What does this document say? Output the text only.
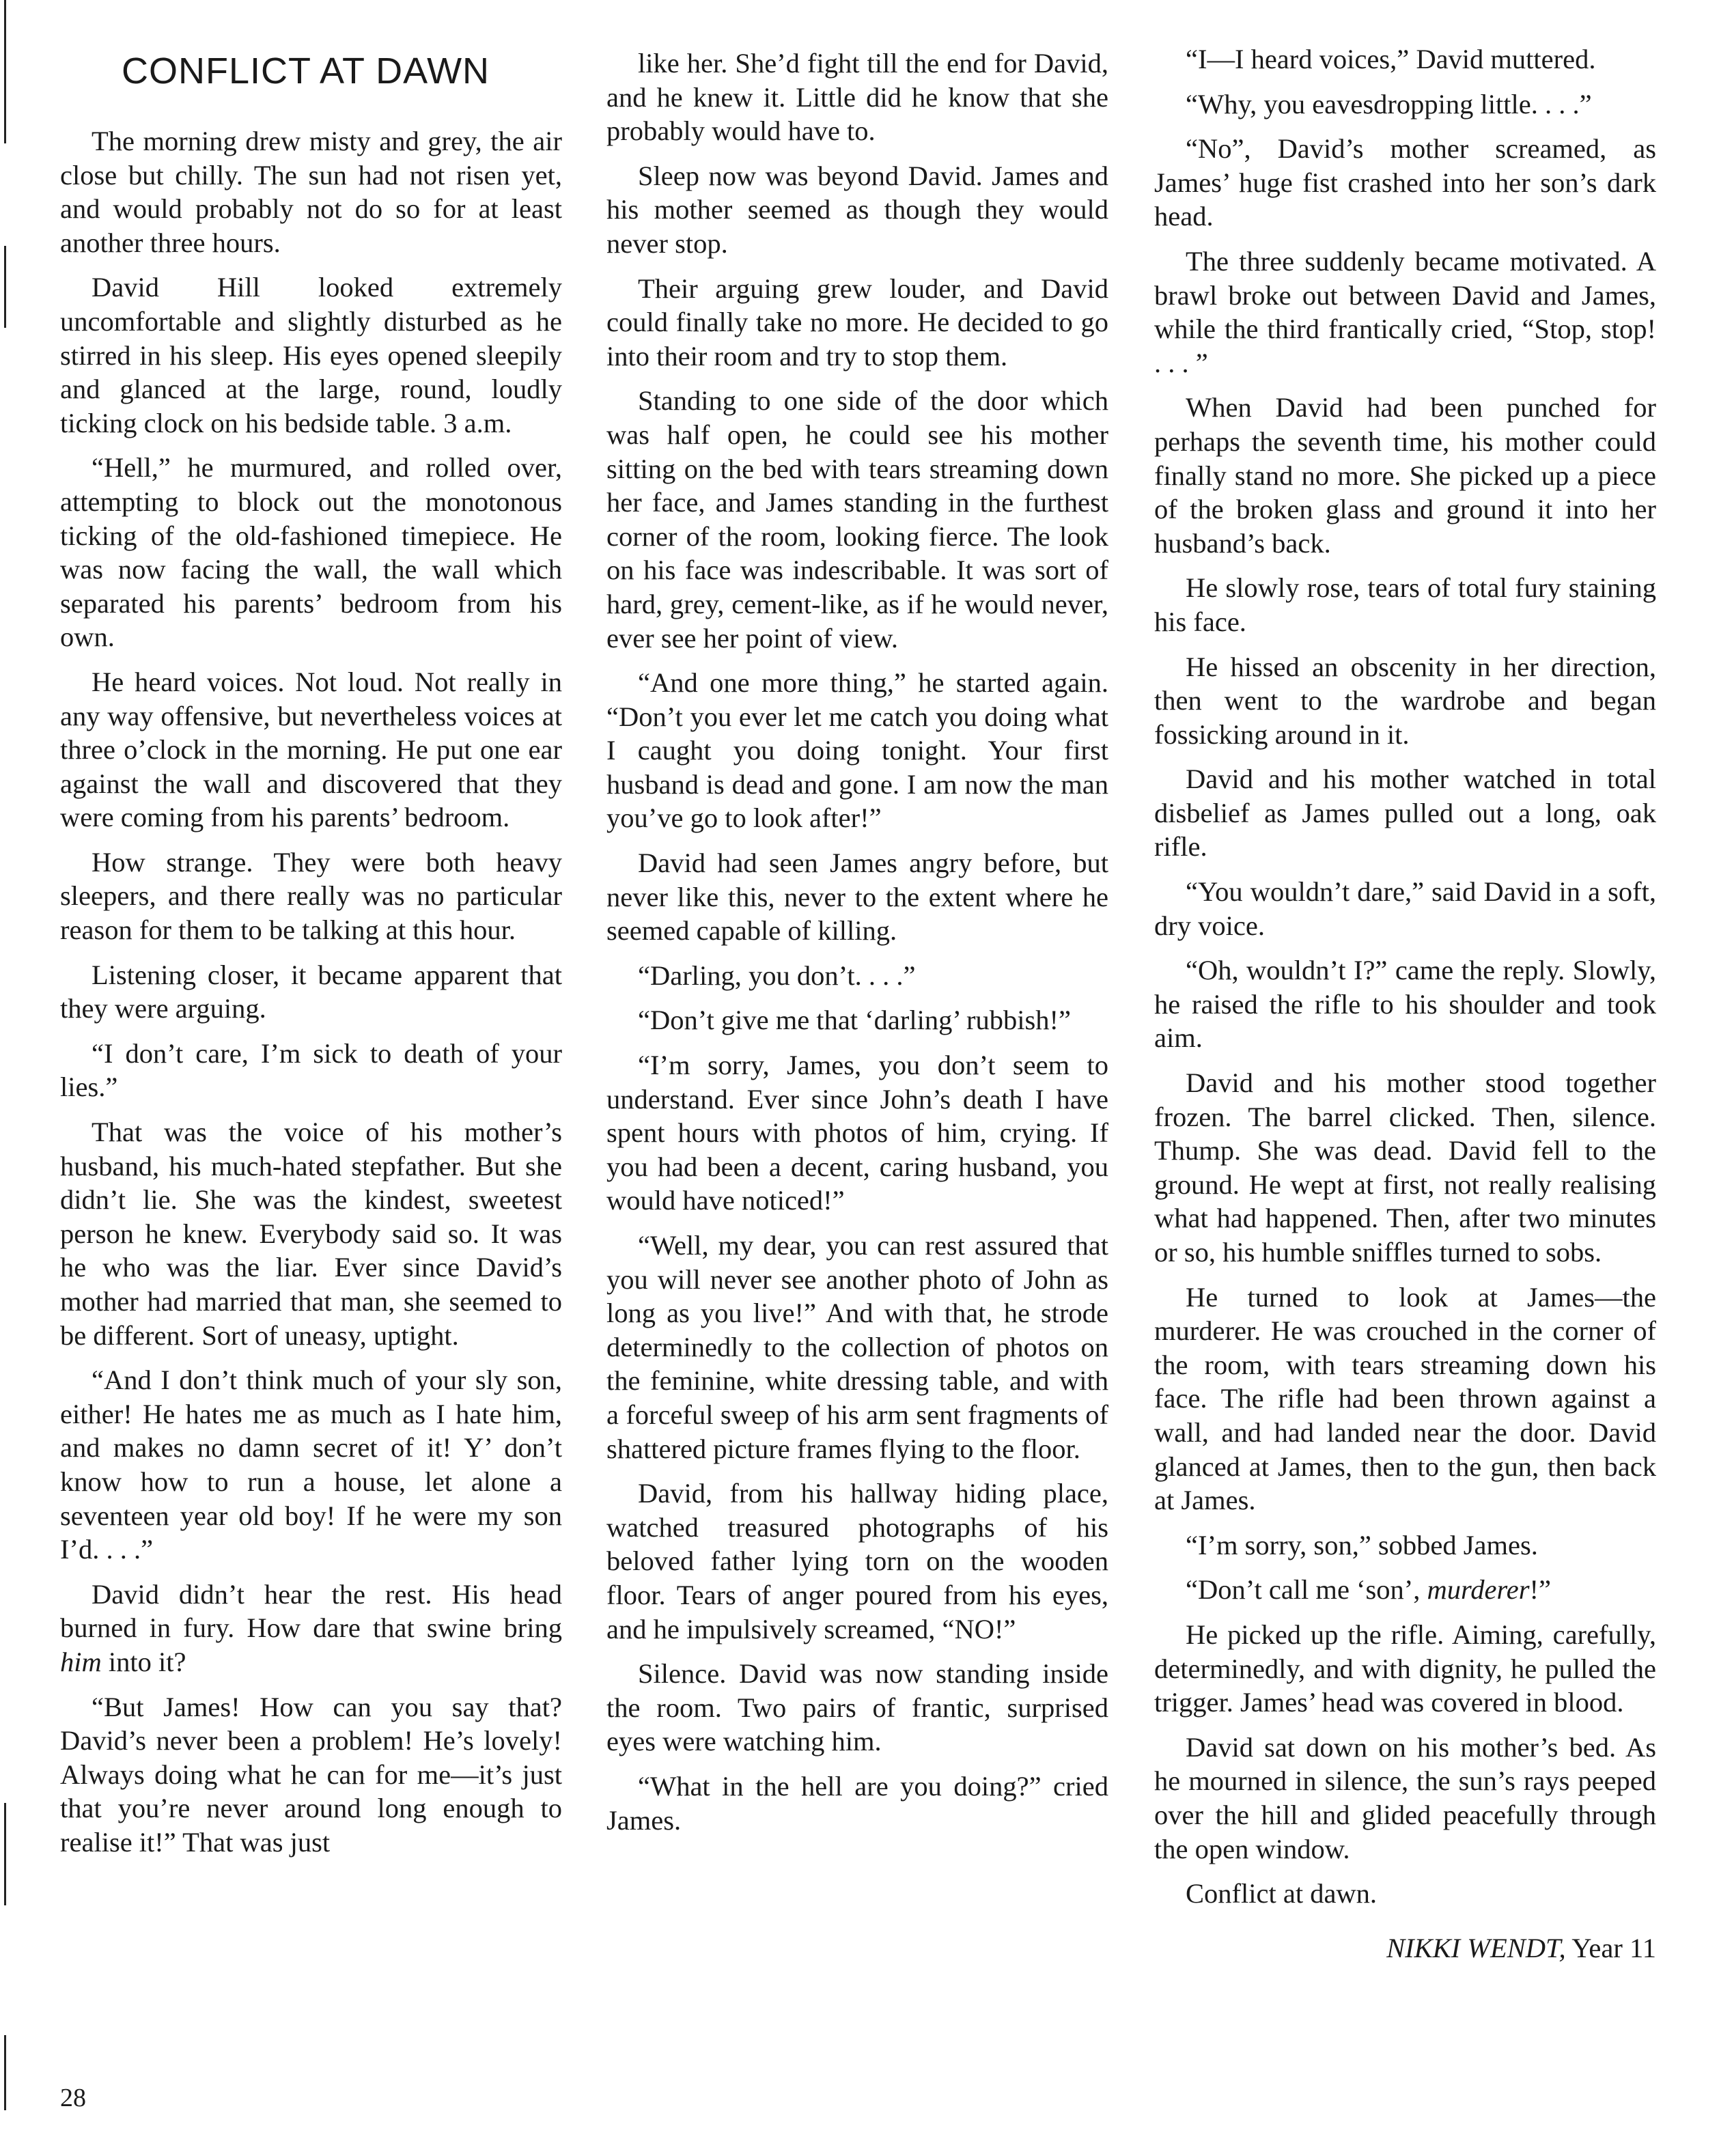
CONFLICT AT DAWN

The morning drew misty and grey, the air close but chilly. The sun had not risen yet, and would probably not do so for at least another three hours.

David Hill looked extremely uncomfortable and slightly disturbed as he stirred in his sleep. His eyes opened sleepily and glanced at the large, round, loudly ticking clock on his bedside table. 3 a.m.

“Hell,” he murmured, and rolled over, attempting to block out the monotonous ticking of the old-fashioned timepiece. He was now facing the wall, the wall which separated his parents’ bedroom from his own.

He heard voices. Not loud. Not really in any way offensive, but nevertheless voices at three o’clock in the morning. He put one ear against the wall and discovered that they were coming from his parents’ bedroom.

How strange. They were both heavy sleepers, and there really was no particular reason for them to be talking at this hour.

Listening closer, it became apparent that they were arguing.

“I don’t care, I’m sick to death of your lies.”

That was the voice of his mother’s husband, his much-hated stepfather. But she didn’t lie. She was the kindest, sweetest person he knew. Everybody said so. It was he who was the liar. Ever since David’s mother had married that man, she seemed to be different. Sort of uneasy, uptight.

“And I don’t think much of your sly son, either! He hates me as much as I hate him, and makes no damn secret of it! Y’ don’t know how to run a house, let alone a seventeen year old boy! If he were my son I’d. . . .”

David didn’t hear the rest. His head burned in fury. How dare that swine bring him into it?

“But James! How can you say that? David’s never been a problem! He’s lovely! Always doing what he can for me—it’s just that you’re never around long enough to realise it!” That was just

like her. She’d fight till the end for David, and he knew it. Little did he know that she probably would have to.

Sleep now was beyond David. James and his mother seemed as though they would never stop.

Their arguing grew louder, and David could finally take no more. He decided to go into their room and try to stop them.

Standing to one side of the door which was half open, he could see his mother sitting on the bed with tears streaming down her face, and James standing in the furthest corner of the room, looking fierce. The look on his face was indescribable. It was sort of hard, grey, cement-like, as if he would never, ever see her point of view.

“And one more thing,” he started again. “Don’t you ever let me catch you doing what I caught you doing tonight. Your first husband is dead and gone. I am now the man you’ve go to look after!”

David had seen James angry before, but never like this, never to the extent where he seemed capable of killing.

“Darling, you don’t. . . .”

“Don’t give me that ‘darling’ rubbish!”

“I’m sorry, James, you don’t seem to understand. Ever since John’s death I have spent hours with photos of him, crying. If you had been a decent, caring husband, you would have noticed!”

“Well, my dear, you can rest assured that you will never see another photo of John as long as you live!” And with that, he strode determinedly to the collection of photos on the feminine, white dressing table, and with a forceful sweep of his arm sent fragments of shattered picture frames flying to the floor.

David, from his hallway hiding place, watched treasured photographs of his beloved father lying torn on the wooden floor. Tears of anger poured from his eyes, and he impulsively screamed, “NO!”

Silence. David was now standing inside the room. Two pairs of frantic, surprised eyes were watching him.

“What in the hell are you doing?” cried James.

“I—I heard voices,” David muttered.

“Why, you eavesdropping little. . . .”

“No”, David’s mother screamed, as James’ huge fist crashed into her son’s dark head.

The three suddenly became motivated. A brawl broke out between David and James, while the third frantically cried, “Stop, stop! . . . ”

When David had been punched for perhaps the seventh time, his mother could finally stand no more. She picked up a piece of the broken glass and ground it into her husband’s back.

He slowly rose, tears of total fury staining his face.

He hissed an obscenity in her direction, then went to the wardrobe and began fossicking around in it.

David and his mother watched in total disbelief as James pulled out a long, oak rifle.

“You wouldn’t dare,” said David in a soft, dry voice.

“Oh, wouldn’t I?” came the reply. Slowly, he raised the rifle to his shoulder and took aim.

David and his mother stood together frozen. The barrel clicked. Then, silence. Thump. She was dead. David fell to the ground. He wept at first, not really realising what had happened. Then, after two minutes or so, his humble sniffles turned to sobs.

He turned to look at James—the murderer. He was crouched in the corner of the room, with tears streaming down his face. The rifle had been thrown against a wall, and had landed near the door. David glanced at James, then to the gun, then back at James.

“I’m sorry, son,” sobbed James.

“Don’t call me ‘son’, murderer!”

He picked up the rifle. Aiming, carefully, determinedly, and with dignity, he pulled the trigger. James’ head was covered in blood.

David sat down on his mother’s bed. As he mourned in silence, the sun’s rays peeped over the hill and glided peacefully through the open window.

Conflict at dawn.

NIKKI WENDT, Year 11
28
